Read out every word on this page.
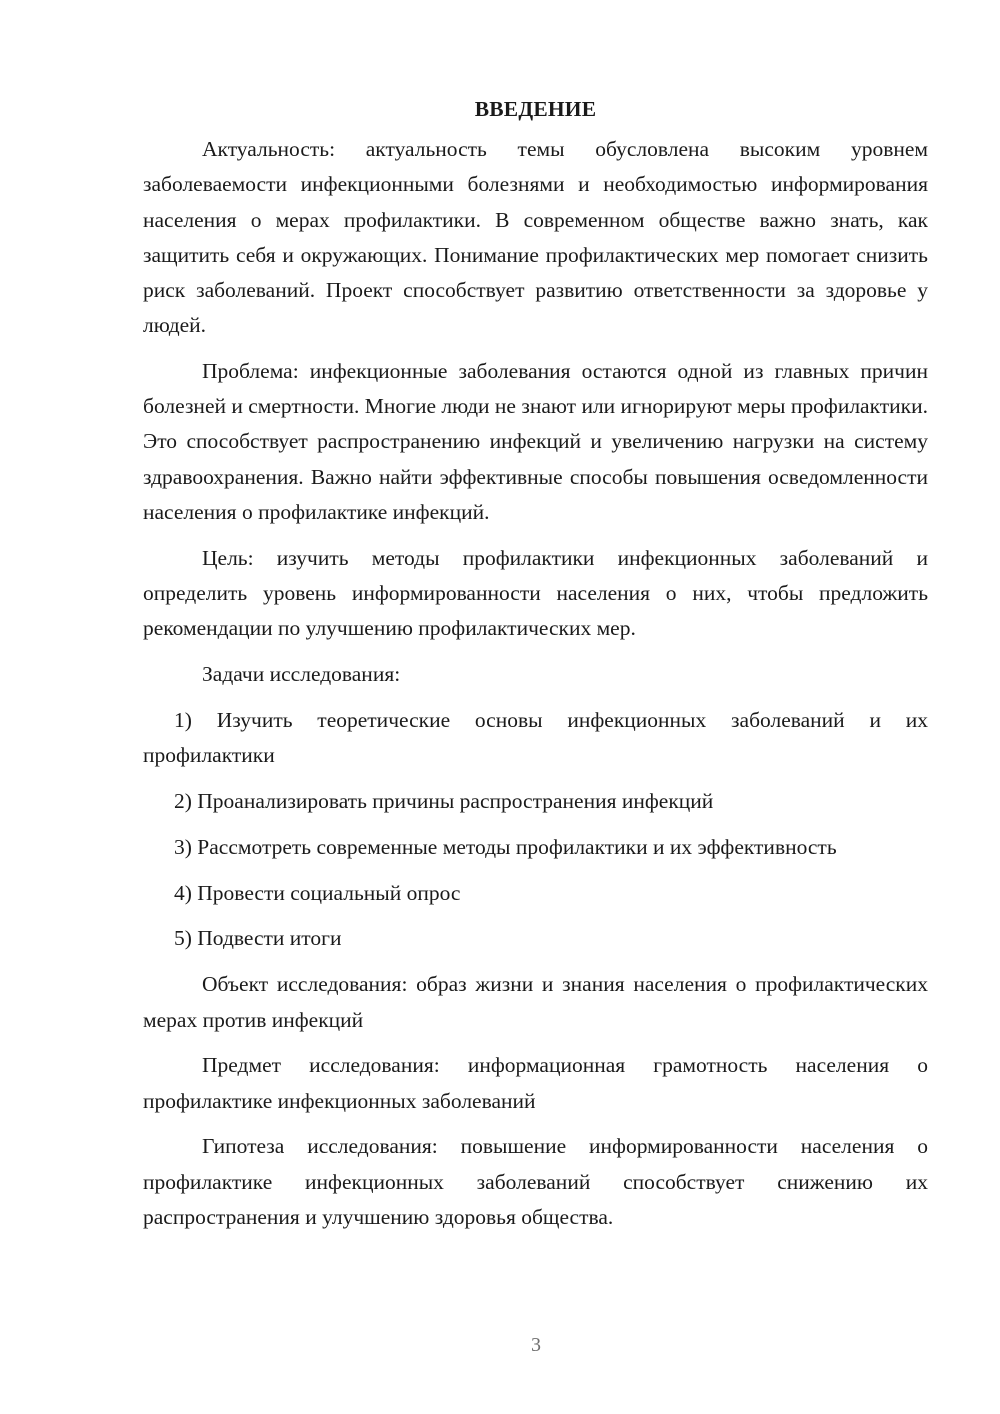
ВВЕДЕНИЕ

Актуальность: актуальность темы обусловлена высоким уровнем заболеваемости инфекционными болезнями и необходимостью информирования населения о мерах профилактики. В современном обществе важно знать, как защитить себя и окружающих. Понимание профилактических мер помогает снизить риск заболеваний. Проект способствует развитию ответственности за здоровье у людей.

Проблема: инфекционные заболевания остаются одной из главных причин болезней и смертности. Многие люди не знают или игнорируют меры профилактики. Это способствует распространению инфекций и увеличению нагрузки на систему здравоохранения. Важно найти эффективные способы повышения осведомленности населения о профилактике инфекций.

Цель: изучить методы профилактики инфекционных заболеваний и определить уровень информированности населения о них, чтобы предложить рекомендации по улучшению профилактических мер.

Задачи исследования:

1) Изучить теоретические основы инфекционных заболеваний и их профилактики

2) Проанализировать причины распространения инфекций

3) Рассмотреть современные методы профилактики и их эффективность

4) Провести социальный опрос

5) Подвести итоги

Объект исследования: образ жизни и знания населения о профилактических мерах против инфекций

Предмет исследования: информационная грамотность населения о профилактике инфекционных заболеваний

Гипотеза исследования: повышение информированности населения о профилактике инфекционных заболеваний способствует снижению их распространения и улучшению здоровья общества.

3
